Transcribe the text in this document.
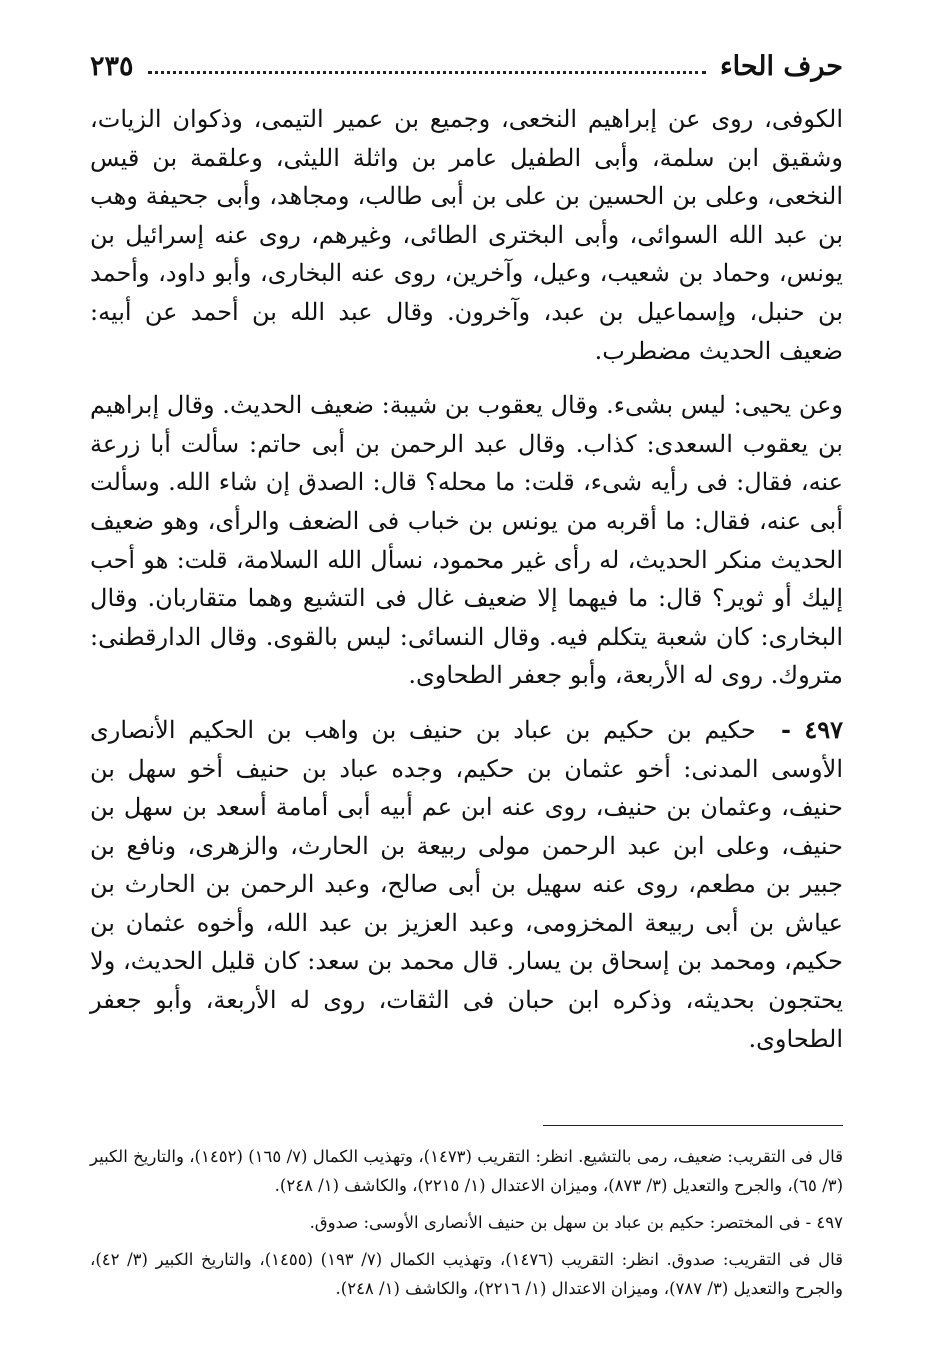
حرف الحاء
٢٣٥

الكوفى، روى عن إبراهيم النخعى، وجميع بن عمير التيمى، وذكوان الزيات، وشقيق ابن سلمة، وأبى الطفيل عامر بن واثلة الليثى، وعلقمة بن قيس النخعى، وعلى بن الحسين بن على بن أبى طالب، ومجاهد، وأبى جحيفة وهب بن عبد الله السوائى، وأبى البخترى الطائى، وغيرهم، روى عنه إسرائيل بن يونس، وحماد بن شعيب، وعيل، وآخرين، روى عنه البخارى، وأبو داود، وأحمد بن حنبل، وإسماعيل بن عبد، وآخرون. وقال عبد الله بن أحمد عن أبيه: ضعيف الحديث مضطرب.

وعن يحيى: ليس بشىء. وقال يعقوب بن شيبة: ضعيف الحديث. وقال إبراهيم بن يعقوب السعدى: كذاب. وقال عبد الرحمن بن أبى حاتم: سألت أبا زرعة عنه، فقال: فى رأيه شىء، قلت: ما محله؟ قال: الصدق إن شاء الله. وسألت أبى عنه، فقال: ما أقربه من يونس بن خباب فى الضعف والرأى، وهو ضعيف الحديث منكر الحديث، له رأى غير محمود، نسأل الله السلامة، قلت: هو أحب إليك أو ثوير؟ قال: ما فيهما إلا ضعيف غال فى التشيع وهما متقاربان. وقال البخارى: كان شعبة يتكلم فيه. وقال النسائى: ليس بالقوى. وقال الدارقطنى: متروك. روى له الأربعة، وأبو جعفر الطحاوى.

٤٩٧ -  حكيم بن حكيم بن عباد بن حنيف بن واهب بن الحكيم الأنصارى الأوسى المدنى: أخو عثمان بن حكيم، وجده عباد بن حنيف أخو سهل بن حنيف، وعثمان بن حنيف، روى عنه ابن عم أبيه أبى أمامة أسعد بن سهل بن حنيف، وعلى ابن عبد الرحمن مولى ربيعة بن الحارث، والزهرى، ونافع بن جبير بن مطعم، روى عنه سهيل بن أبى صالح، وعبد الرحمن بن الحارث بن عياش بن أبى ربيعة المخزومى، وعبد العزيز بن عبد الله، وأخوه عثمان بن حكيم، ومحمد بن إسحاق بن يسار. قال محمد بن سعد: كان قليل الحديث، ولا يحتجون بحديثه، وذكره ابن حبان فى الثقات، روى له الأربعة، وأبو جعفر الطحاوى.

قال فى التقريب: ضعيف، رمى بالتشيع. انظر: التقريب (١٤٧٣)، وتهذيب الكمال (٧/ ١٦٥) (١٤٥٢)، والتاريخ الكبير (٣/ ٦٥)، والجرح والتعديل (٣/ ٨٧٣)، وميزان الاعتدال (١/ ٢٢١٥)، والكاشف (١/ ٢٤٨).

٤٩٧ - فى المختصر: حكيم بن عباد بن سهل بن حنيف الأنصارى الأوسى: صدوق.

قال فى التقريب: صدوق. انظر: التقريب (١٤٧٦)، وتهذيب الكمال (٧/ ١٩٣) (١٤٥٥)، والتاريخ الكبير (٣/ ٤٢)، والجرح والتعديل (٣/ ٧٨٧)، وميزان الاعتدال (١/ ٢٢١٦)، والكاشف (١/ ٢٤٨).
